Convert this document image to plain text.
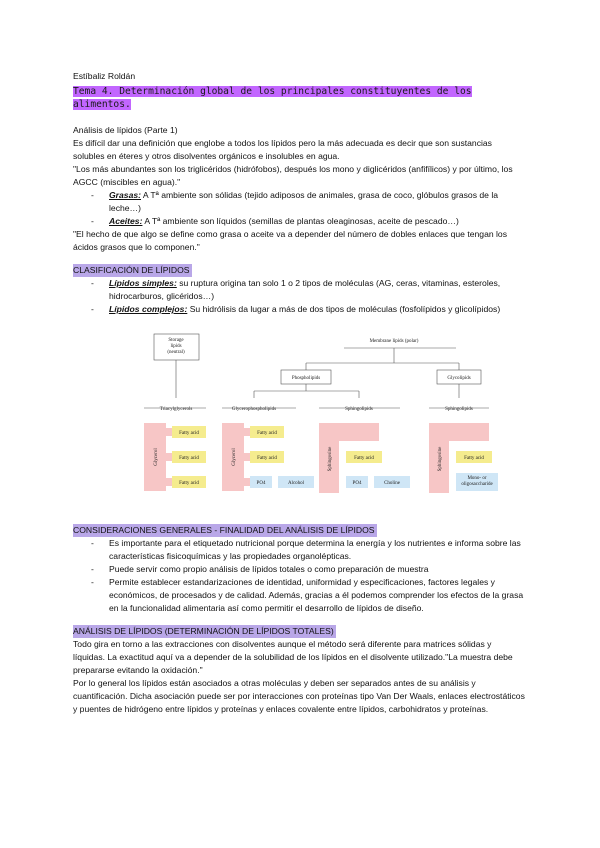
Estíbaliz Roldán
Tema 4. Determinación global de los principales constituyentes de los alimentos.
Análisis de lípidos (Parte 1)

Es difícil dar una definición que englobe a todos los lípidos pero la más adecuada es decir que son sustancias solubles en éteres y otros disolventes orgánicos e insolubles en agua.

"Los más abundantes son los triglicéridos (hidrófobos), después los mono y diglicéridos (anfifílicos) y por último, los AGCC (miscibles en agua)."

- Grasas: A Tª ambiente son sólidas (tejido adiposos de animales, grasa de coco, glóbulos grasos de la leche…)
- Aceites: A Tª ambiente son líquidos (semillas de plantas oleaginosas, aceite de pescado…)

"El hecho de que algo se define como grasa o aceite va a depender del número de dobles enlaces que tengan los ácidos grasos que lo componen."

CLASIFICACIÓN DE LÍPIDOS
- Lípidos simples: su ruptura origina tan solo 1 o 2 tipos de moléculas (AG, ceras, vitaminas, esteroles, hidrocarburos, glicéridos…)
- Lípidos complejos: Su hidrólisis da lugar a más de dos tipos de moléculas (fosfolípidos y glicolípidos)
Storage lipids (neutral)
Membrane lipids (polar)
Phospholipids	Glycolipids
Triacylglycerols	Glycerophospholipids	Sphingolipids	Sphingolipids
Glycerol
Fatty acid
Fatty acid
Fatty acid
Glycerol
Fatty acid
Fatty acid
PO4	Alcohol
Sphingosine	Fatty acid
PO4	Choline
Sphingosine	Fatty acid
Mono- or oligosaccharide
CONSIDERACIONES GENERALES - FINALIDAD DEL ANÁLISIS DE LÍPIDOS
- Es importante para el etiquetado nutricional porque determina la energía y los nutrientes e informa sobre las características fisicoquímicas y las propiedades organolépticas.
- Puede servir como propio análisis de lípidos totales o como preparación de muestra
- Permite establecer estandarizaciones de identidad, uniformidad y especificaciones, factores legales y económicos, de procesados y de calidad. Además, gracias a él podemos comprender los efectos de la grasa en la funcionalidad alimentaria así como permitir el desarrollo de lípidos de diseño.
ANÁLISIS DE LÍPIDOS (DETERMINACIÓN DE LÍPIDOS TOTALES)

Todo gira en torno a las extracciones con disolventes aunque el método será diferente para matrices sólidas y líquidas. La exactitud aquí va a depender de la solubilidad de los lípidos en el disolvente utilizado."La muestra debe prepararse evitando la oxidación."

Por lo general los lípidos están asociados a otras moléculas y deben ser separados antes de su análisis y cuantificación. Dicha asociación puede ser por interacciones con proteínas tipo Van Der Waals, enlaces electrostáticos y puentes de hidrógeno entre lípidos y proteínas y enlaces covalente entre lípidos, carbohidratos y proteínas.
